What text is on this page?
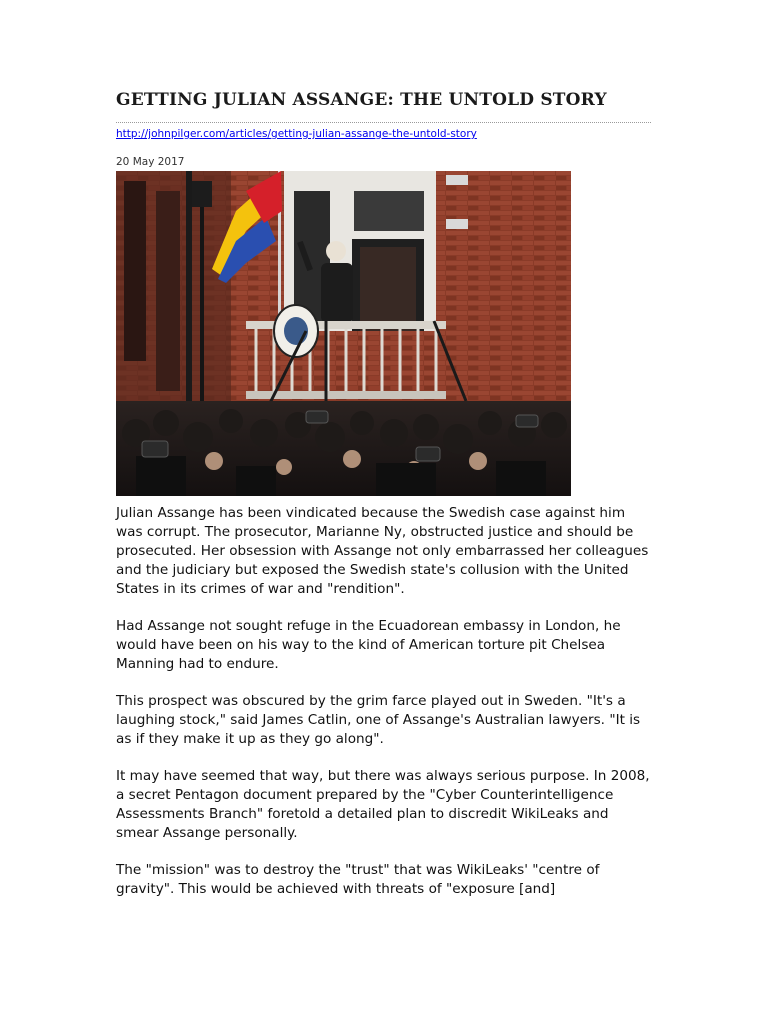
GETTING JULIAN ASSANGE: THE UNTOLD STORY
http://johnpilger.com/articles/getting-julian-assange-the-untold-story
20 May 2017

Julian Assange has been vindicated because the Swedish case against him was corrupt. The prosecutor, Marianne Ny, obstructed justice and should be prosecuted. Her obsession with Assange not only embarrassed her colleagues and the judiciary but exposed the Swedish state's collusion with the United States in its crimes of war and "rendition".

Had Assange not sought refuge in the Ecuadorean embassy in London, he would have been on his way to the kind of American torture pit Chelsea Manning had to endure.

This prospect was obscured by the grim farce played out in Sweden. "It's a laughing stock," said James Catlin, one of Assange's Australian lawyers. "It is as if they make it up as they go along".

It may have seemed that way, but there was always serious purpose. In 2008, a secret Pentagon document prepared by the "Cyber Counterintelligence Assessments Branch" foretold a detailed plan to discredit WikiLeaks and smear Assange personally.

The "mission" was to destroy the "trust" that was WikiLeaks' "centre of gravity". This would be achieved with threats of "exposure [and]
